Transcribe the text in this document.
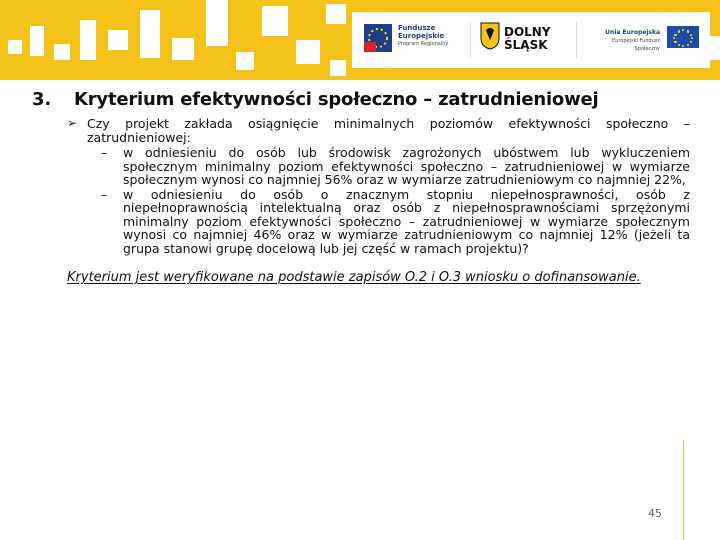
Fundusze
Europejskie
Program Regionalny
DOLNY
ŚLĄSK
Unia Europejska
Europejski Fundusz Społeczny
3. Kryterium efektywności społeczno – zatrudnieniowej
➢ Czy projekt zakłada osiągnięcie minimalnych poziomów efektywności społeczno – zatrudnieniowej:
– w odniesieniu do osób lub środowisk zagrożonych ubóstwem lub wykluczeniem społecznym minimalny poziom efektywności społeczno – zatrudnieniowej w wymiarze społecznym wynosi co najmniej 56% oraz w wymiarze zatrudnieniowym co najmniej 22%,
– w odniesieniu do osób o znacznym stopniu niepełnosprawności, osób z niepełnoprawnością intelektualną oraz osób z niepełnosprawnościami sprzężonymi minimalny poziom efektywności społeczno – zatrudnieniowej w wymiarze społecznym wynosi co najmniej 46% oraz w wymiarze zatrudnieniowym co najmniej 12% (jeżeli ta grupa stanowi grupę docelową lub jej część w ramach projektu)?
Kryterium jest weryfikowane na podstawie zapisów O.2 i O.3 wniosku o dofinansowanie.
45
